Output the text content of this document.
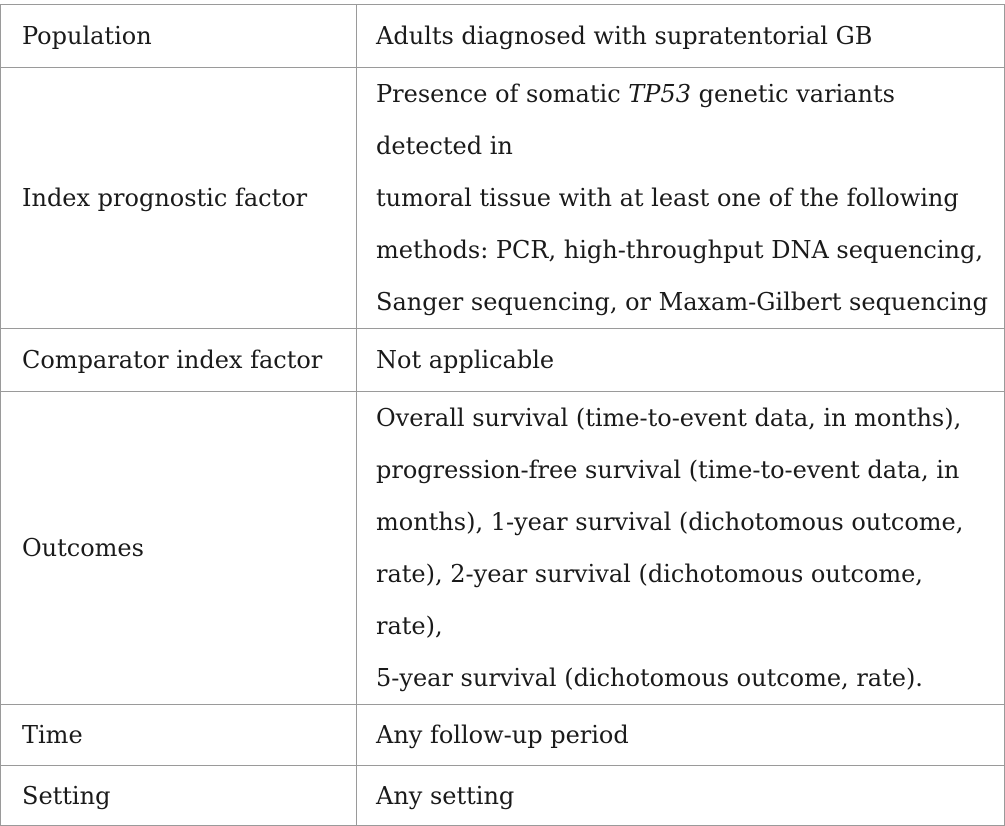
Population	Adults diagnosed with supratentorial GB
Index prognostic factor	Presence of somatic TP53 genetic variants detected in
tumoral tissue with at least one of the following
methods: PCR, high-throughput DNA sequencing,
Sanger sequencing, or Maxam-Gilbert sequencing

Comparator index factor	Not applicable
Outcomes	Overall survival (time-to-event data, in months),
progression-free survival (time-to-event data, in
months), 1-year survival (dichotomous outcome,
rate), 2-year survival (dichotomous outcome, rate),
5-year survival (dichotomous outcome, rate).

Time	Any follow-up period
Setting	Any setting
